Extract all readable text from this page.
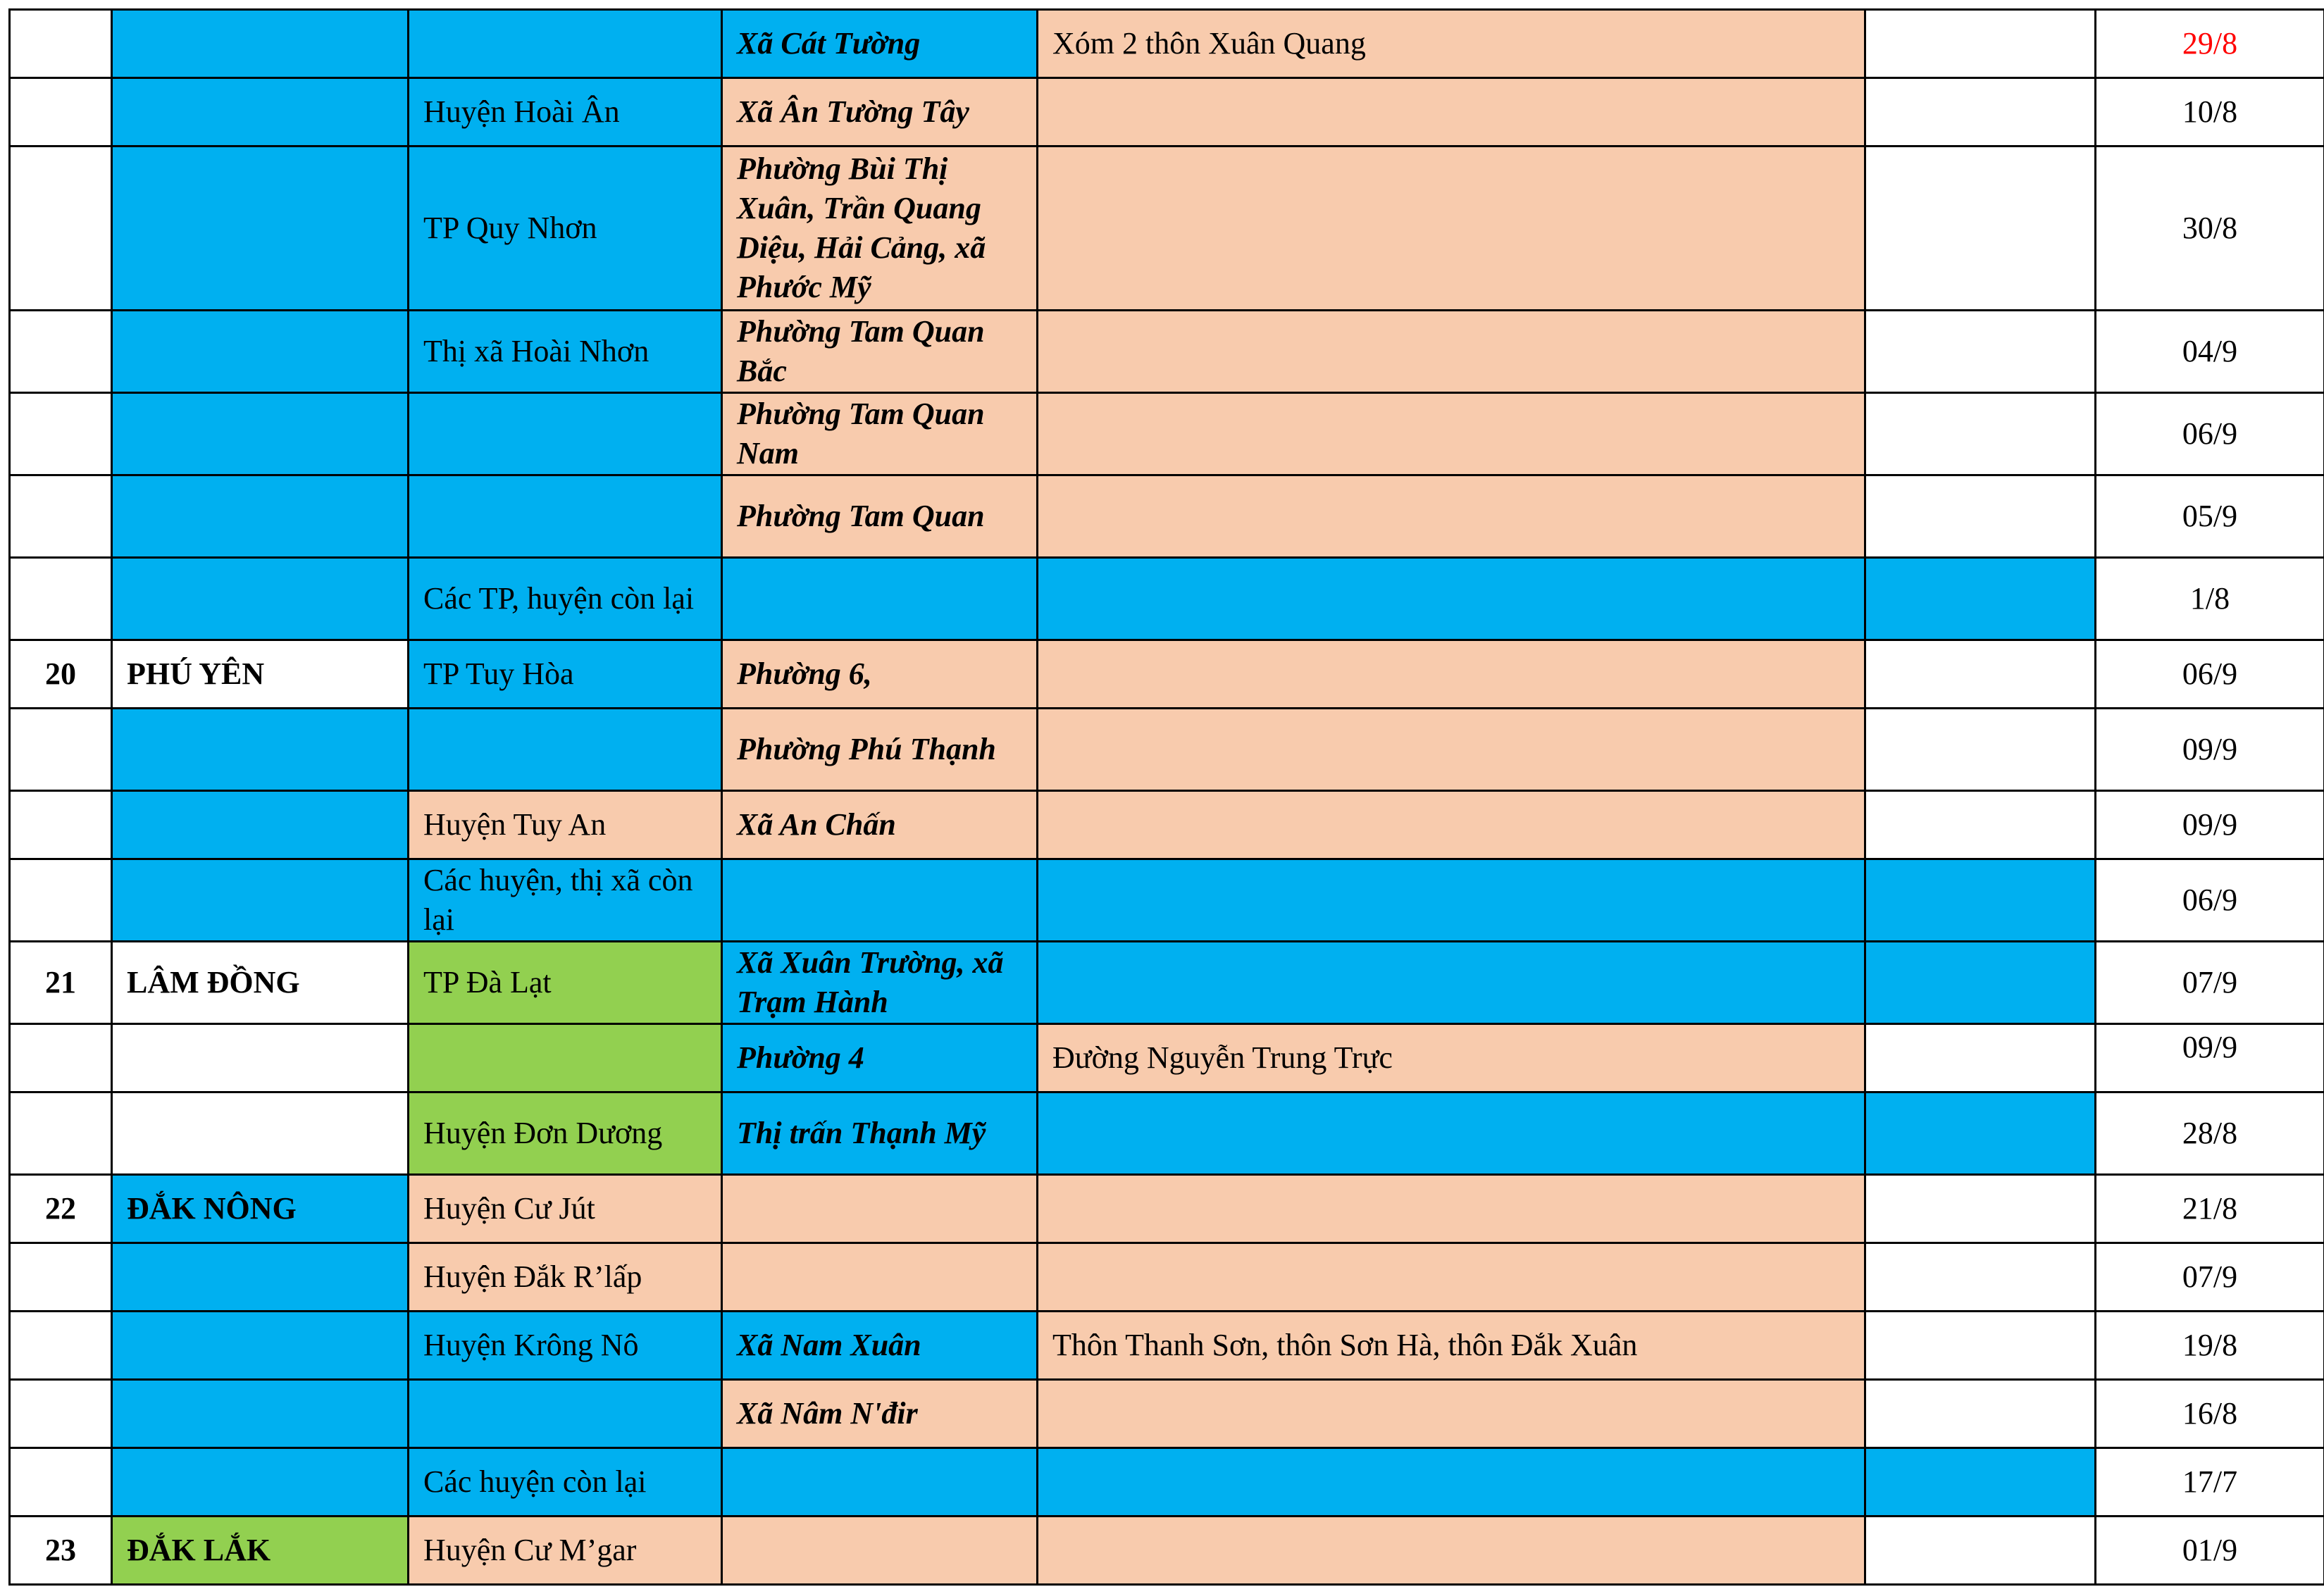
			Xã Cát Tường	Xóm 2 thôn Xuân Quang		29/8
		Huyện Hoài Ân	Xã Ân Tường Tây			10/8
		TP Quy Nhơn	Phường Bùi Thị Xuân, Trần Quang Diệu, Hải Cảng, xã Phước Mỹ			30/8
		Thị xã Hoài Nhơn	Phường Tam Quan Bắc			04/9
			Phường Tam Quan Nam			06/9
			Phường Tam Quan			05/9
		Các TP, huyện còn lại				1/8
20	PHÚ YÊN	TP Tuy Hòa	Phường 6,			06/9
			Phường Phú Thạnh			09/9
		Huyện Tuy An	Xã An Chấn			09/9
		Các huyện, thị xã còn lại				06/9
21	LÂM ĐỒNG	TP Đà Lạt	Xã Xuân Trường, xã Trạm Hành			07/9
			Phường 4	Đường Nguyễn Trung Trực		09/9
		Huyện Đơn Dương	Thị trấn Thạnh Mỹ			28/8
22	ĐẮK NÔNG	Huyện Cư Jút				21/8
		Huyện Đắk R’lấp				07/9
		Huyện Krông Nô	Xã Nam Xuân	Thôn Thanh Sơn, thôn Sơn Hà, thôn Đắk Xuân		19/8
			Xã Nâm N'đir			16/8
		Các huyện còn lại				17/7
23	ĐẮK LẮK	Huyện Cư M’gar				01/9
